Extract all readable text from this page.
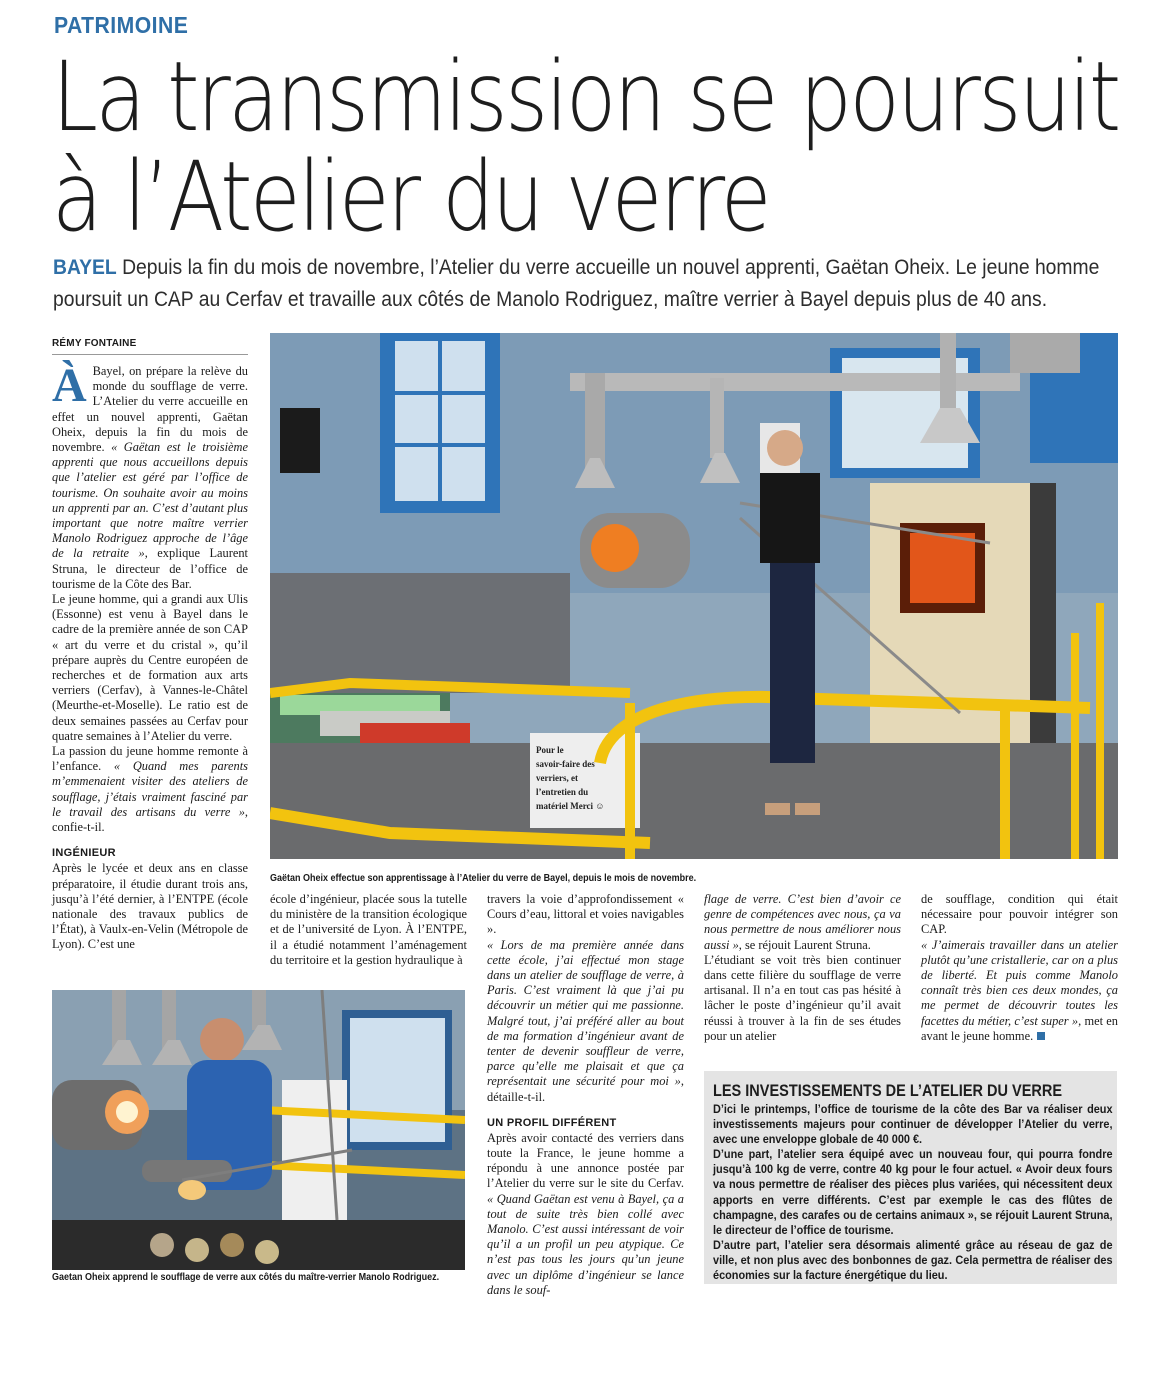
PATRIMOINE
La transmission se poursuit
à l’Atelier du verre
BAYEL Depuis la fin du mois de novembre, l’Atelier du verre accueille un nouvel apprenti, Gaëtan Oheix. Le jeune homme poursuit un CAP au Cerfav et travaille aux côtés de Manolo Rodriguez, maître verrier à Bayel depuis plus de 40 ans.
RÉMY FONTAINE

À Bayel, on prépare la relève du monde du soufflage de verre. L’Atelier du verre accueille en effet un nouvel apprenti, Gaëtan Oheix, depuis la fin du mois de novembre. « Gaëtan est le troisième apprenti que nous accueillons depuis que l’atelier est géré par l’office de tourisme. On souhaite avoir au moins un apprenti par an. C’est d’autant plus important que notre maître verrier Manolo Rodriguez approche de l’âge de la retraite », explique Laurent Struna, le directeur de l’office de tourisme de la Côte des Bar.

Le jeune homme, qui a grandi aux Ulis (Essonne) est venu à Bayel dans le cadre de la première année de son CAP « art du verre et du cristal », qu’il prépare auprès du Centre européen de recherches et de formation aux arts verriers (Cerfav), à Vannes-le-Châtel (Meurthe-et-Moselle). Le ratio est de deux semaines passées au Cerfav pour quatre semaines à l’Atelier du verre.

La passion du jeune homme remonte à l’enfance. « Quand mes parents m’emmenaient visiter des ateliers de soufflage, j’étais vraiment fasciné par le travail des artisans du verre », confie-t-il.

INGÉNIEUR

Après le lycée et deux ans en classe préparatoire, il étudie durant trois ans, jusqu’à l’été dernier, à l’ENTPE (école nationale des travaux publics de l’État), à Vaulx-en-Velin (Métropole de Lyon). C’est une

école d’ingénieur, placée sous la tutelle du ministère de la transition écologique et de l’université de Lyon. À l’ENTPE, il a étudié notamment l’aménagement du territoire et la gestion hydraulique à

travers la voie d’approfondissement « Cours d’eau, littoral et voies navigables ».

« Lors de ma première année dans cette école, j’ai effectué mon stage dans un atelier de soufflage de verre, à Paris. C’est vraiment là que j’ai pu découvrir un métier qui me passionne. Malgré tout, j’ai préféré aller au bout de ma formation d’ingénieur avant de tenter de devenir souffleur de verre, parce qu’elle me plaisait et que ça représentait une sécurité pour moi », détaille-t-il.

UN PROFIL DIFFÉRENT

Après avoir contacté des verriers dans toute la France, le jeune homme a répondu à une annonce postée par l’Atelier du verre sur le site du Cerfav. « Quand Gaëtan est venu à Bayel, ça a tout de suite très bien collé avec Manolo. C’est aussi intéressant de voir qu’il a un profil un peu atypique. Ce n’est pas tous les jours qu’un jeune avec un diplôme d’ingénieur se lance dans le souf-

flage de verre. C’est bien d’avoir ce genre de compétences avec nous, ça va nous permettre de nous améliorer nous aussi », se réjouit Laurent Struna.

L’étudiant se voit très bien continuer dans cette filière du soufflage de verre artisanal. Il n’a en tout cas pas hésité à lâcher le poste d’ingénieur qu’il avait réussi à trouver à la fin de ses études pour un atelier

de soufflage, condition qui était nécessaire pour pouvoir intégrer son CAP.

« J’aimerais travailler dans un atelier plutôt qu’une cristallerie, car on a plus de liberté. Et puis comme Manolo connaît très bien ces deux mondes, ça me permet de découvrir toutes les facettes du métier, c’est super », met en avant le jeune homme.

Pour le savoir-faire des verriers, et l’entretien du matériel Merci ☺
Gaëtan Oheix effectue son apprentissage à l’Atelier du verre de Bayel, depuis le mois de novembre.
Gaetan Oheix apprend le soufflage de verre aux côtés du maître-verrier Manolo Rodriguez.
LES INVESTISSEMENTS DE L’ATELIER DU VERRE

D’ici le printemps, l’office de tourisme de la côte des Bar va réaliser deux investissements majeurs pour continuer de développer l’Atelier du verre, avec une enveloppe globale de 40 000 €.

D’une part, l’atelier sera équipé avec un nouveau four, qui pourra fondre jusqu’à 100 kg de verre, contre 40 kg pour le four actuel. « Avoir deux fours va nous permettre de réaliser des pièces plus variées, qui nécessitent deux apports en verre différents. C’est par exemple le cas des flûtes de champagne, des carafes ou de certains animaux », se réjouit Laurent Struna, le directeur de l’office de tourisme.

D’autre part, l’atelier sera désormais alimenté grâce au réseau de gaz de ville, et non plus avec des bonbonnes de gaz. Cela permettra de réaliser des économies sur la facture énergétique du lieu.
